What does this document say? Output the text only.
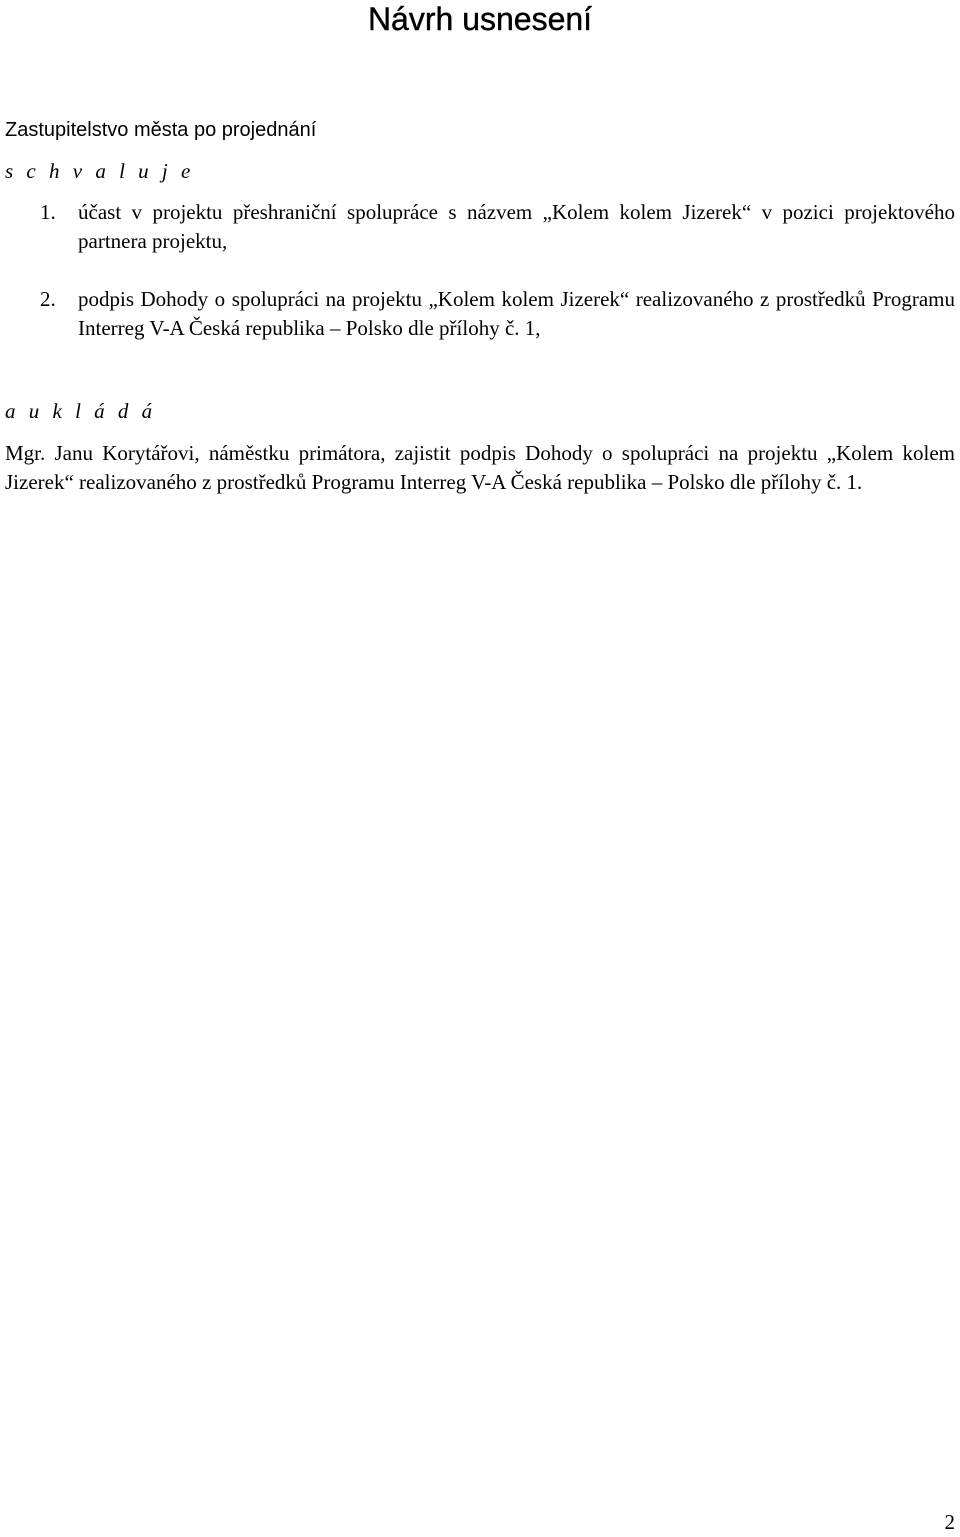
Návrh usnesení
Zastupitelstvo města po projednání
s c h v a l u j e
1. účast v projektu přeshraniční spolupráce s názvem „Kolem kolem Jizerek“ v pozici projektového partnera projektu,
2. podpis Dohody o spolupráci na projektu „Kolem kolem Jizerek“ realizovaného z prostředků Programu Interreg V-A Česká republika – Polsko dle přílohy č. 1,
a u k l á d á
Mgr. Janu Korytářovi, náměstku primátora, zajistit podpis Dohody o spolupráci na projektu „Kolem kolem Jizerek“ realizovaného z prostředků Programu Interreg V-A Česká republika – Polsko dle přílohy č. 1.
2
